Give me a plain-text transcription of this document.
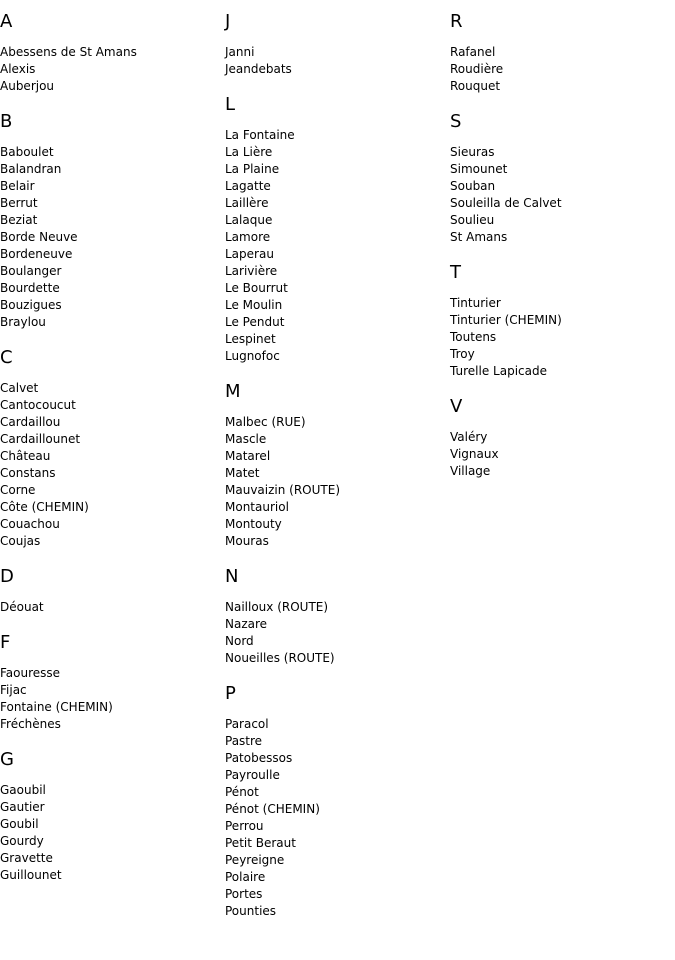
A
Abessens de St Amans
Alexis
Auberjou
B
Baboulet
Balandran
Belair
Berrut
Beziat
Borde Neuve
Bordeneuve
Boulanger
Bourdette
Bouzigues
Braylou
C
Calvet
Cantocoucut
Cardaillou
Cardaillounet
Château
Constans
Corne
Côte (CHEMIN)
Couachou
Coujas
D
Déouat
F
Faouresse
Fijac
Fontaine (CHEMIN)
Fréchènes
G
Gaoubil
Gautier
Goubil
Gourdy
Gravette
Guillounet
J
Janni
Jeandebats
L
La Fontaine
La Lière
La Plaine
Lagatte
Laillère
Lalaque
Lamore
Laperau
Larivière
Le Bourrut
Le Moulin
Le Pendut
Lespinet
Lugnofoc
M
Malbec (RUE)
Mascle
Matarel
Matet
Mauvaizin (ROUTE)
Montauriol
Montouty
Mouras
N
Nailloux (ROUTE)
Nazare
Nord
Noueilles (ROUTE)
P
Paracol
Pastre
Patobessos
Payroulle
Pénot
Pénot (CHEMIN)
Perrou
Petit Beraut
Peyreigne
Polaire
Portes
Pounties
R
Rafanel
Roudière
Rouquet
S
Sieuras
Simounet
Souban
Souleilla de Calvet
Soulieu
St Amans
T
Tinturier
Tinturier (CHEMIN)
Toutens
Troy
Turelle Lapicade
V
Valéry
Vignaux
Village
